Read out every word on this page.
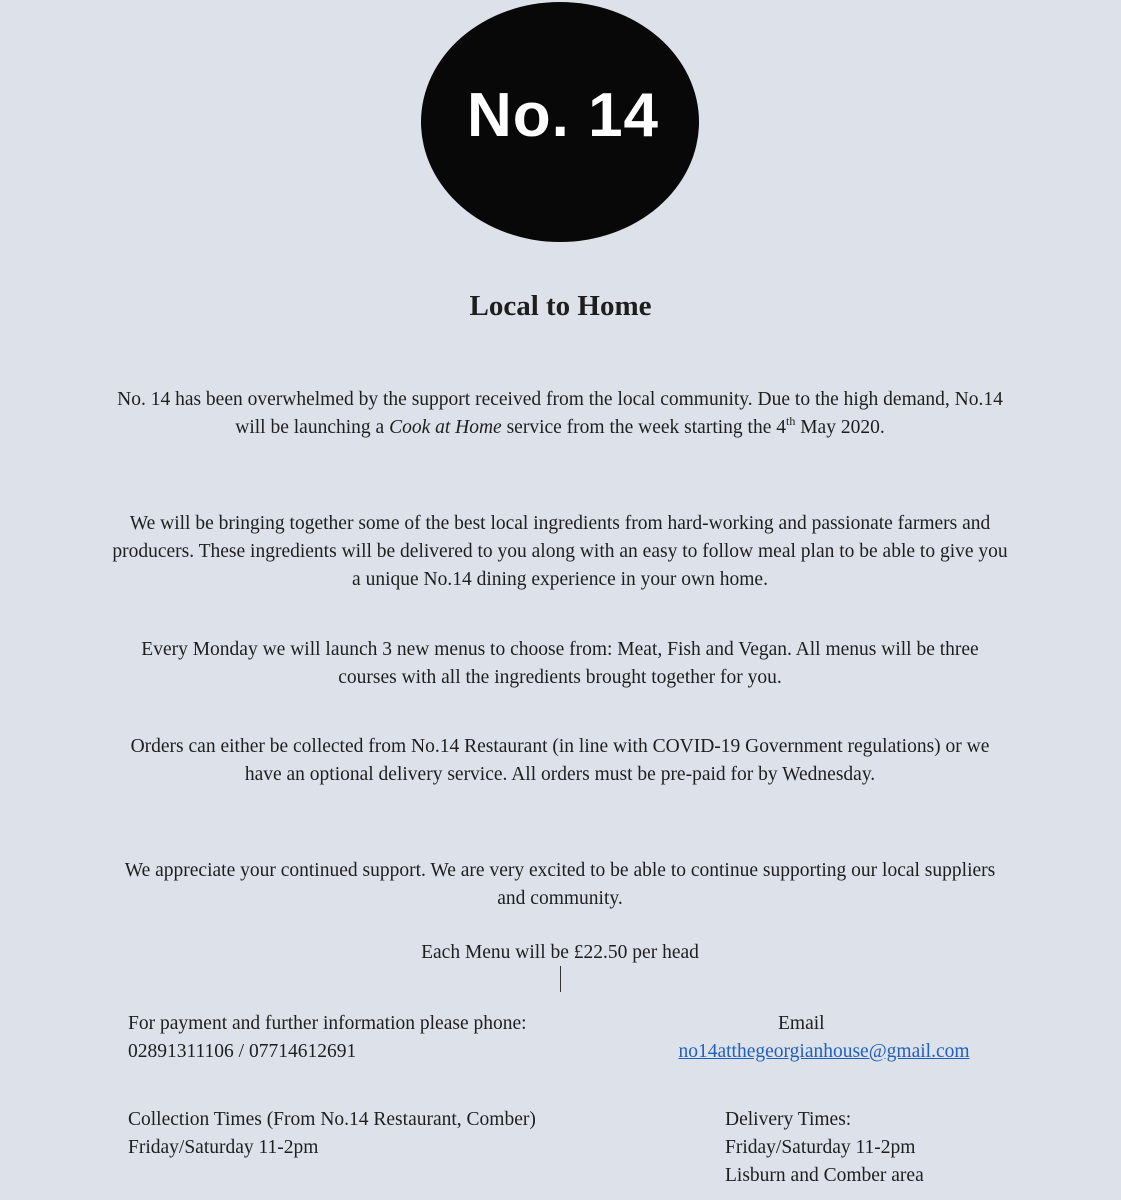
No. 14
Local to Home

No. 14 has been overwhelmed by the support received from the local community. Due to the high demand, No.14 will be launching a Cook at Home service from the week starting the 4th May 2020.

We will be bringing together some of the best local ingredients from hard-working and passionate farmers and producers. These ingredients will be delivered to you along with an easy to follow meal plan to be able to give you a unique No.14 dining experience in your own home.

Every Monday we will launch 3 new menus to choose from: Meat, Fish and Vegan. All menus will be three courses with all the ingredients brought together for you.

Orders can either be collected from No.14 Restaurant (in line with COVID-19 Government regulations) or we have an optional delivery service. All orders must be pre-paid for by Wednesday.

We appreciate your continued support. We are very excited to be able to continue supporting our local suppliers and community.

Each Menu will be £22.50 per head

For payment and further information please phone:
02891311106 / 07714612691
Email
no14atthegeorgianhouse@gmail.com
Collection Times (From No.14 Restaurant, Comber)
Friday/Saturday 11-2pm
Delivery Times:
Friday/Saturday 11-2pm
Lisburn and Comber area
